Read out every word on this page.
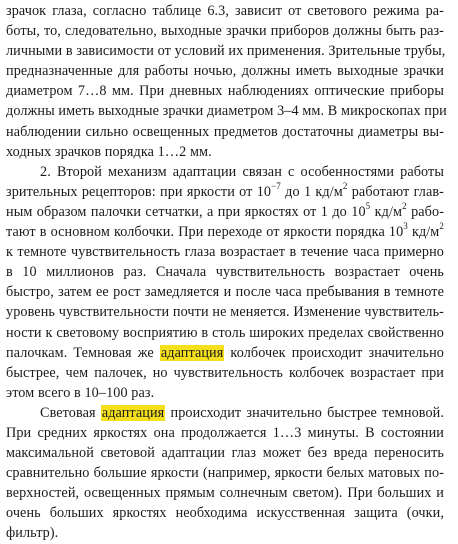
зрачок глаза, согласно таблице 6.3, зависит от светового режима ра-
боты, то, следовательно, выходные зрачки приборов должны быть раз-
личными в зависимости от условий их применения. Зрительные трубы,
предназначенные для работы ночью, должны иметь выходные зрачки
диаметром 7…8 мм. При дневных наблюдениях оптические приборы
должны иметь выходные зрачки диаметром 3–4 мм. В микроскопах при
наблюдении сильно освещенных предметов достаточны диаметры вы-
ходных зрачков порядка 1…2 мм.

2. Второй механизм адаптации связан с особенностями работы
зрительных рецепторов: при яркости от $10^{-7}$ до 1 $кд/м^2$ работают глав-
ным образом палочки сетчатки, а при яркостях от 1 до $10^5$ $кд/м^2$ рабо-
тают в основном колбочки. При переходе от яркости порядка $10^3$ $кд/м^2$
к темноте чувствительность глаза возрастает в течение часа примерно
в 10 миллионов раз. Сначала чувствительность возрастает очень
быстро, затем ее рост замедляется и после часа пребывания в темноте
уровень чувствительности почти не меняется. Изменение чувствитель-
ности к световому восприятию в столь широких пределах свойственно
палочкам. Темновая же адаптация колбочек происходит значительно
быстрее, чем палочек, но чувствительность колбочек возрастает при
этом всего в 10–100 раз.

Световая адаптация происходит значительно быстрее темновой.
При средних яркостях она продолжается 1…3 минуты. В состоянии
максимальной световой адаптации глаз может без вреда переносить
сравнительно большие яркости (например, яркости белых матовых по-
верхностей, освещенных прямым солнечным светом). При больших и
очень больших яркостях необходима искусственная защита (очки,
фильтр).
